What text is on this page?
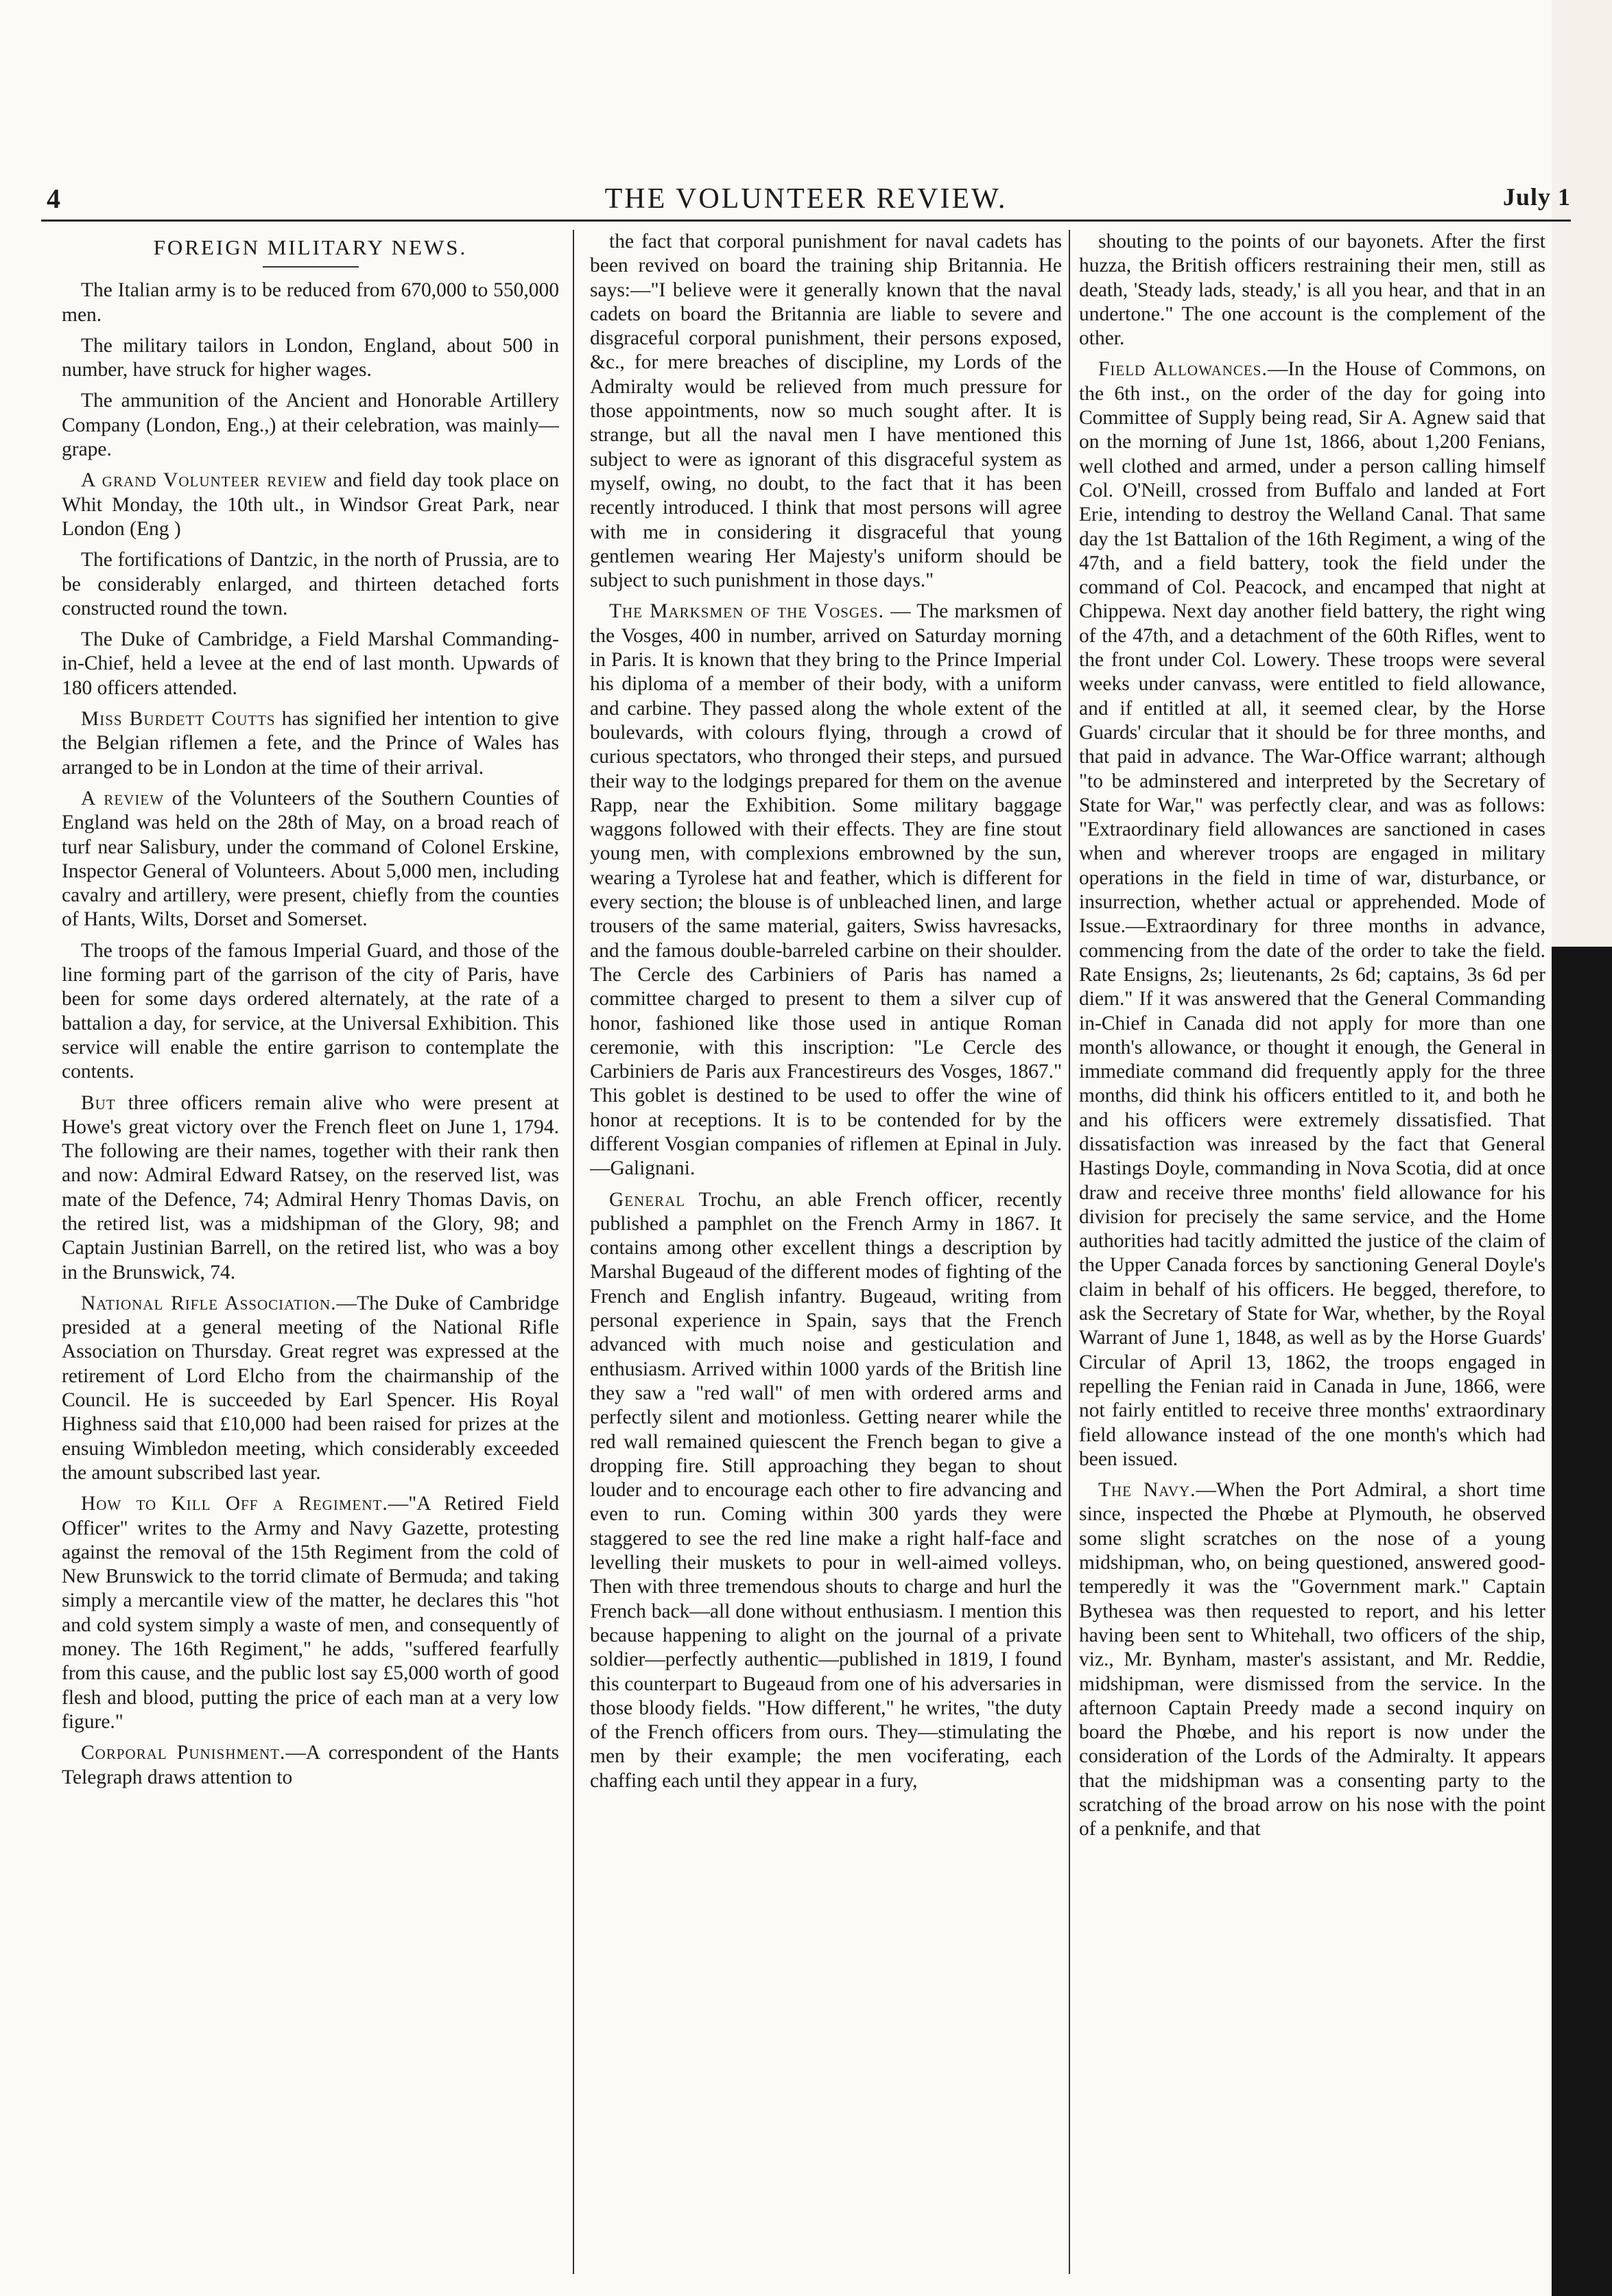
4	THE VOLUNTEER REVIEW.	July 1
FOREIGN MILITARY NEWS.

The Italian army is to be reduced from 670,000 to 550,000 men.

The military tailors in London, England, about 500 in number, have struck for higher wages.

The ammunition of the Ancient and Honorable Artillery Company (London, Eng.,) at their celebration, was mainly—grape.

A grand Volunteer review and field day took place on Whit Monday, the 10th ult., in Windsor Great Park, near London (Eng )

The fortifications of Dantzic, in the north of Prussia, are to be considerably enlarged, and thirteen detached forts constructed round the town.

The Duke of Cambridge, a Field Marshal Commanding-in-Chief, held a levee at the end of last month. Upwards of 180 officers attended.

Miss Burdett Coutts has signified her intention to give the Belgian riflemen a fete, and the Prince of Wales has arranged to be in London at the time of their arrival.

A review of the Volunteers of the Southern Counties of England was held on the 28th of May, on a broad reach of turf near Salisbury, under the command of Colonel Erskine, Inspector General of Volunteers. About 5,000 men, including cavalry and artillery, were present, chiefly from the counties of Hants, Wilts, Dorset and Somerset.

The troops of the famous Imperial Guard, and those of the line forming part of the garrison of the city of Paris, have been for some days ordered alternately, at the rate of a battalion a day, for service, at the Universal Exhibition. This service will enable the entire garrison to contemplate the contents.

But three officers remain alive who were present at Howe's great victory over the French fleet on June 1, 1794. The following are their names, together with their rank then and now: Admiral Edward Ratsey, on the reserved list, was mate of the Defence, 74; Admiral Henry Thomas Davis, on the retired list, was a midshipman of the Glory, 98; and Captain Justinian Barrell, on the retired list, who was a boy in the Brunswick, 74.

National Rifle Association.—The Duke of Cambridge presided at a general meeting of the National Rifle Association on Thursday. Great regret was expressed at the retirement of Lord Elcho from the chairmanship of the Council. He is succeeded by Earl Spencer. His Royal Highness said that £10,000 had been raised for prizes at the ensuing Wimbledon meeting, which considerably exceeded the amount subscribed last year.

How to Kill Off a Regiment.—"A Retired Field Officer" writes to the Army and Navy Gazette, protesting against the removal of the 15th Regiment from the cold of New Brunswick to the torrid climate of Bermuda; and taking simply a mercantile view of the matter, he declares this "hot and cold system simply a waste of men, and consequently of money. The 16th Regiment," he adds, "suffered fearfully from this cause, and the public lost say £5,000 worth of good flesh and blood, putting the price of each man at a very low figure."

Corporal Punishment.—A correspondent of the Hants Telegraph draws attention to

the fact that corporal punishment for naval cadets has been revived on board the training ship Britannia. He says:—"I believe were it generally known that the naval cadets on board the Britannia are liable to severe and disgraceful corporal punishment, their persons exposed, &c., for mere breaches of discipline, my Lords of the Admiralty would be relieved from much pressure for those appointments, now so much sought after. It is strange, but all the naval men I have mentioned this subject to were as ignorant of this disgraceful system as myself, owing, no doubt, to the fact that it has been recently introduced. I think that most persons will agree with me in considering it disgraceful that young gentlemen wearing Her Majesty's uniform should be subject to such punishment in those days."

The Marksmen of the Vosges. — The marksmen of the Vosges, 400 in number, arrived on Saturday morning in Paris. It is known that they bring to the Prince Imperial his diploma of a member of their body, with a uniform and carbine. They passed along the whole extent of the boulevards, with colours flying, through a crowd of curious spectators, who thronged their steps, and pursued their way to the lodgings prepared for them on the avenue Rapp, near the Exhibition. Some military baggage waggons followed with their effects. They are fine stout young men, with complexions embrowned by the sun, wearing a Tyrolese hat and feather, which is different for every section; the blouse is of unbleached linen, and large trousers of the same material, gaiters, Swiss havresacks, and the famous double-barreled carbine on their shoulder. The Cercle des Carbiniers of Paris has named a committee charged to present to them a silver cup of honor, fashioned like those used in antique Roman ceremonie, with this inscription: "Le Cercle des Carbiniers de Paris aux Francestireurs des Vosges, 1867." This goblet is destined to be used to offer the wine of honor at receptions. It is to be contended for by the different Vosgian companies of riflemen at Epinal in July.—Galignani.

General Trochu, an able French officer, recently published a pamphlet on the French Army in 1867. It contains among other excellent things a description by Marshal Bugeaud of the different modes of fighting of the French and English infantry. Bugeaud, writing from personal experience in Spain, says that the French advanced with much noise and gesticulation and enthusiasm. Arrived within 1000 yards of the British line they saw a "red wall" of men with ordered arms and perfectly silent and motionless. Getting nearer while the red wall remained quiescent the French began to give a dropping fire. Still approaching they began to shout louder and to encourage each other to fire advancing and even to run. Coming within 300 yards they were staggered to see the red line make a right half-face and levelling their muskets to pour in well-aimed volleys. Then with three tremendous shouts to charge and hurl the French back—all done without enthusiasm. I mention this because happening to alight on the journal of a private soldier—perfectly authentic—published in 1819, I found this counterpart to Bugeaud from one of his adversaries in those bloody fields. "How different," he writes, "the duty of the French officers from ours. They—stimulating the men by their example; the men vociferating, each chaffing each until they appear in a fury,

shouting to the points of our bayonets. After the first huzza, the British officers restraining their men, still as death, 'Steady lads, steady,' is all you hear, and that in an undertone." The one account is the complement of the other.

Field Allowances.—In the House of Commons, on the 6th inst., on the order of the day for going into Committee of Supply being read, Sir A. Agnew said that on the morning of June 1st, 1866, about 1,200 Fenians, well clothed and armed, under a person calling himself Col. O'Neill, crossed from Buffalo and landed at Fort Erie, intending to destroy the Welland Canal. That same day the 1st Battalion of the 16th Regiment, a wing of the 47th, and a field battery, took the field under the command of Col. Peacock, and encamped that night at Chippewa. Next day another field battery, the right wing of the 47th, and a detachment of the 60th Rifles, went to the front under Col. Lowery. These troops were several weeks under canvass, were entitled to field allowance, and if entitled at all, it seemed clear, by the Horse Guards' circular that it should be for three months, and that paid in advance. The War-Office warrant; although "to be adminstered and interpreted by the Secretary of State for War," was perfectly clear, and was as follows: "Extraordinary field allowances are sanctioned in cases when and wherever troops are engaged in military operations in the field in time of war, disturbance, or insurrection, whether actual or apprehended. Mode of Issue.—Extraordinary for three months in advance, commencing from the date of the order to take the field. Rate Ensigns, 2s; lieutenants, 2s 6d; captains, 3s 6d per diem." If it was answered that the General Commanding in-Chief in Canada did not apply for more than one month's allowance, or thought it enough, the General in immediate command did frequently apply for the three months, did think his officers entitled to it, and both he and his officers were extremely dissatisfied. That dissatisfaction was inreased by the fact that General Hastings Doyle, commanding in Nova Scotia, did at once draw and receive three months' field allowance for his division for precisely the same service, and the Home authorities had tacitly admitted the justice of the claim of the Upper Canada forces by sanctioning General Doyle's claim in behalf of his officers. He begged, therefore, to ask the Secretary of State for War, whether, by the Royal Warrant of June 1, 1848, as well as by the Horse Guards' Circular of April 13, 1862, the troops engaged in repelling the Fenian raid in Canada in June, 1866, were not fairly entitled to receive three months' extraordinary field allowance instead of the one month's which had been issued.

The Navy.—When the Port Admiral, a short time since, inspected the Phœbe at Plymouth, he observed some slight scratches on the nose of a young midshipman, who, on being questioned, answered good-temperedly it was the "Government mark." Captain Bythesea was then requested to report, and his letter having been sent to Whitehall, two officers of the ship, viz., Mr. Bynham, master's assistant, and Mr. Reddie, midshipman, were dismissed from the service. In the afternoon Captain Preedy made a second inquiry on board the Phœbe, and his report is now under the consideration of the Lords of the Admiralty. It appears that the midshipman was a consenting party to the scratching of the broad arrow on his nose with the point of a penknife, and that
